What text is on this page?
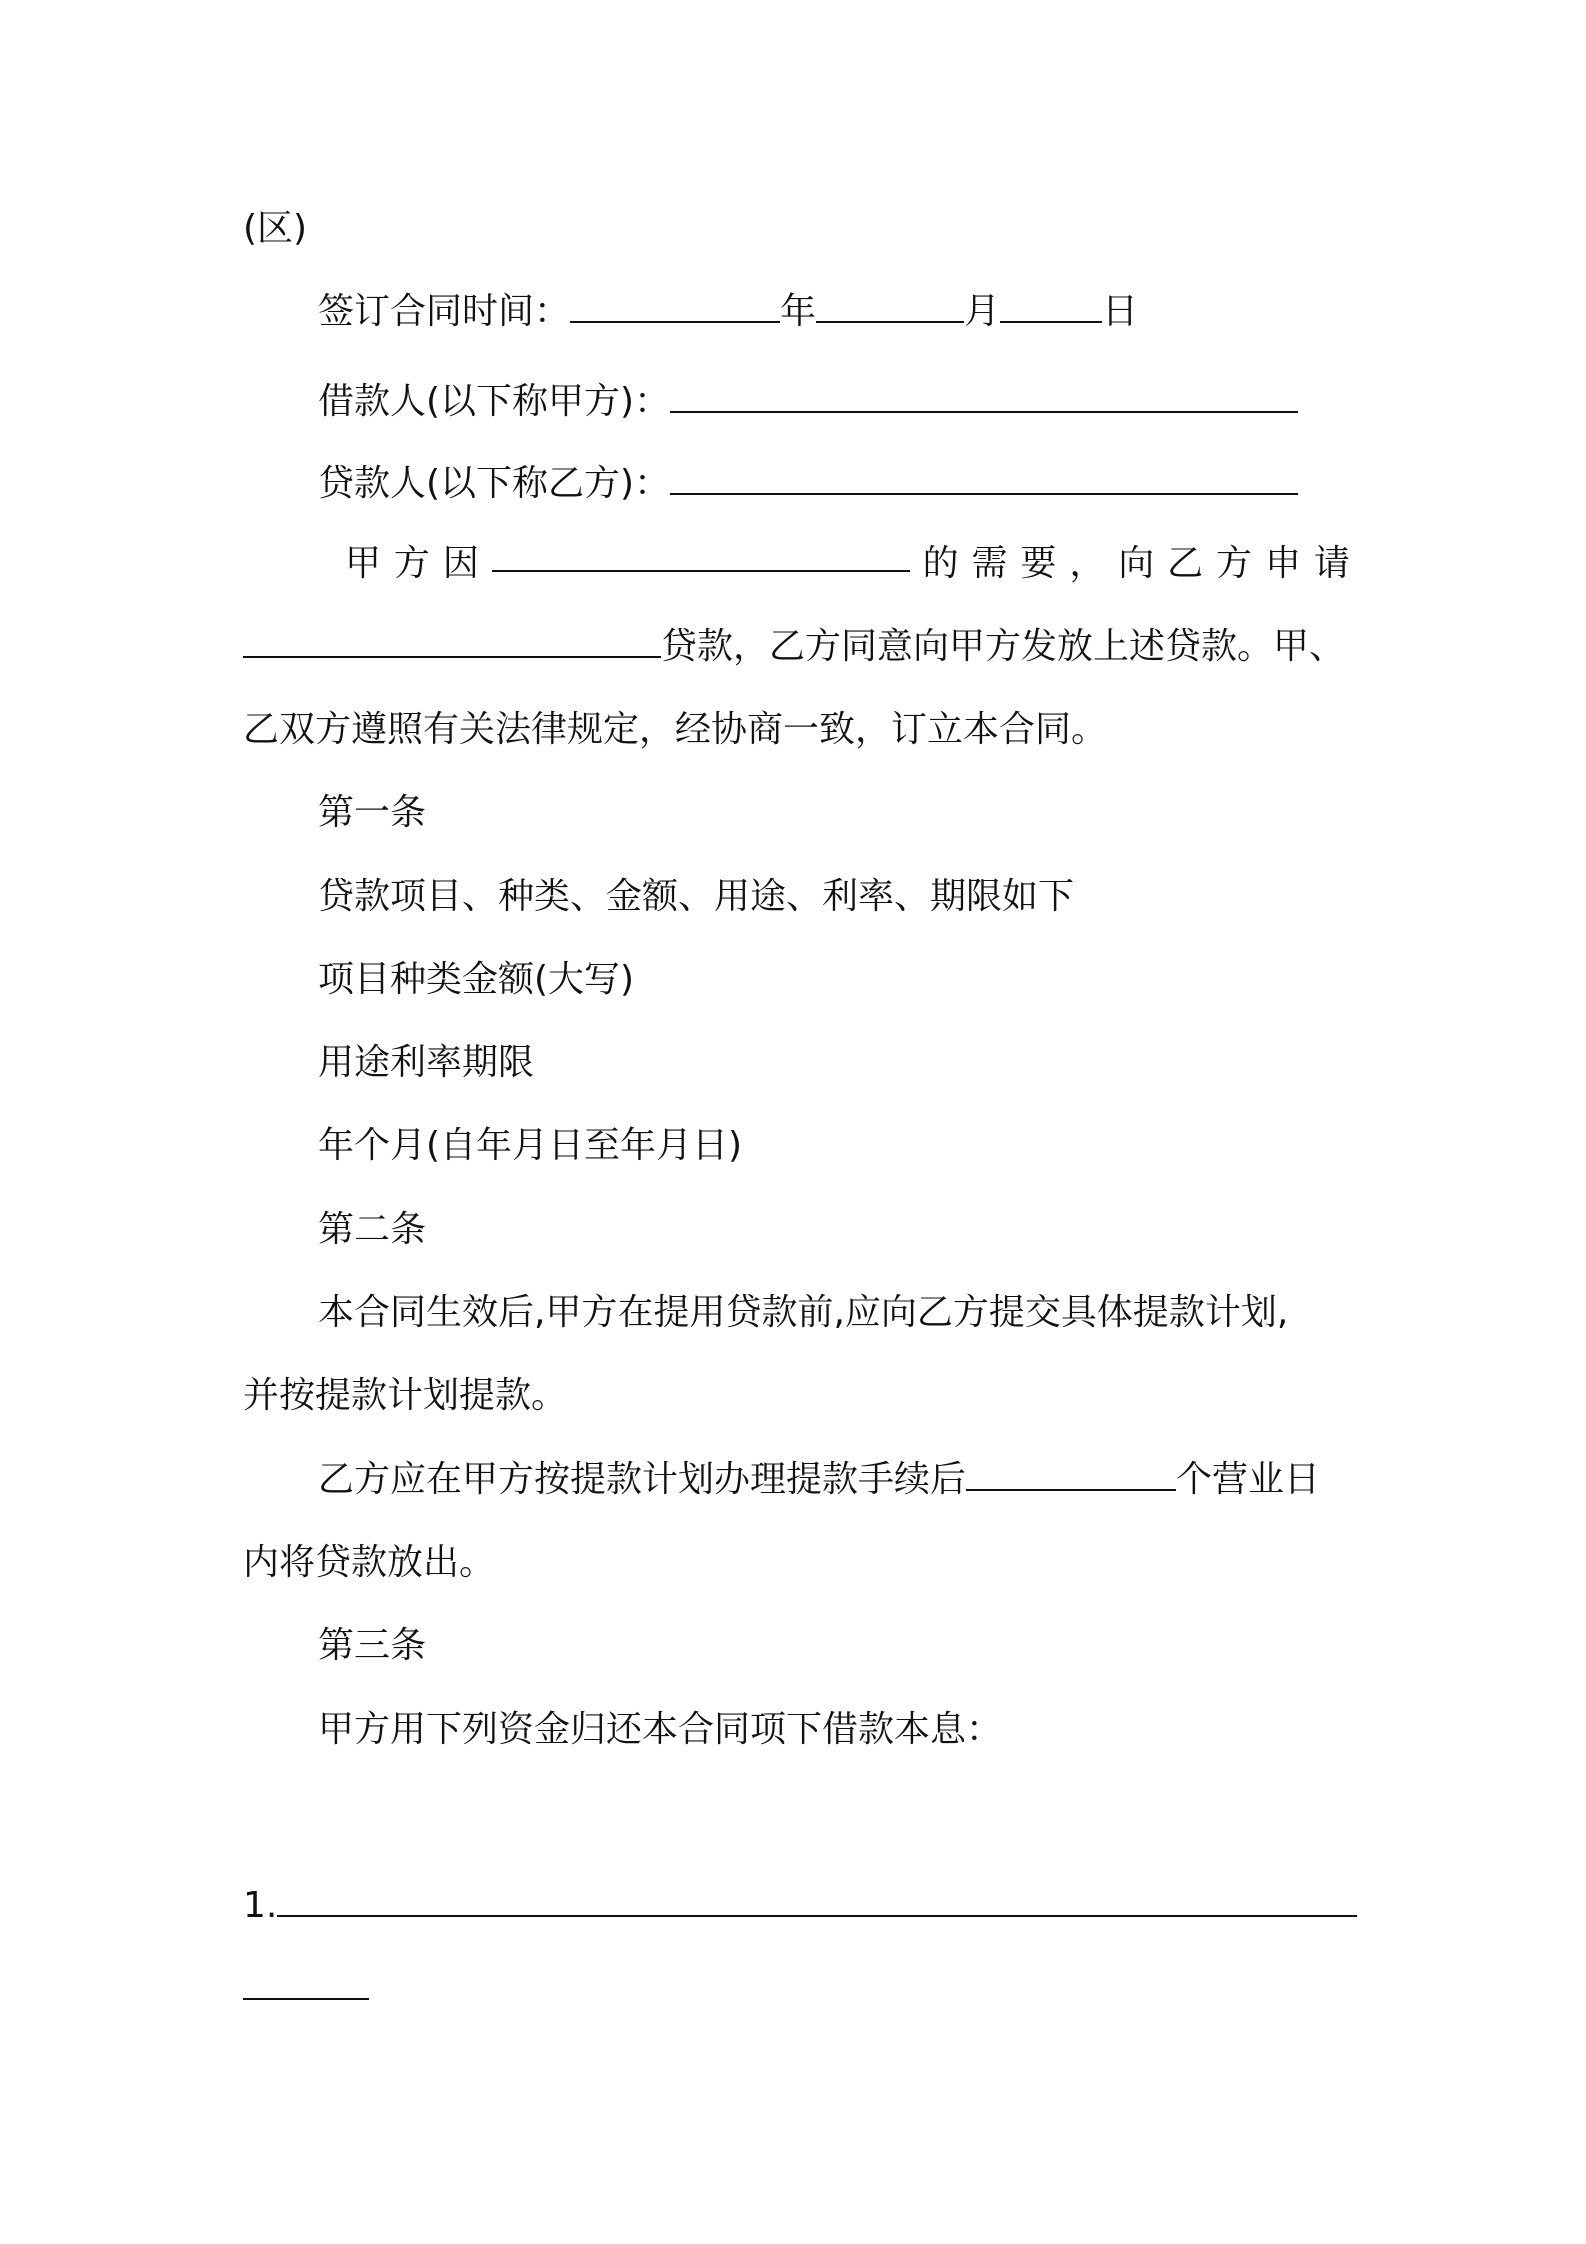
(区)
签订合同时间：	年	月	日
借款人(以下称甲方)：
贷款人(以下称乙方)：
甲 方 因	的 需 要 ， 向 乙 方 申 请
贷款，乙方同意向甲方发放上述贷款。甲、
乙双方遵照有关法律规定，经协商一致，订立本合同。
第一条
贷款项目、种类、金额、用途、利率、期限如下
项目种类金额(大写)
用途利率期限
年个月(自年月日至年月日)
第二条
本合同生效后,甲方在提用贷款前,应向乙方提交具体提款计划,
并按提款计划提款。
乙方应在甲方按提款计划办理提款手续后	个营业日
内将贷款放出。
第三条
甲方用下列资金归还本合同项下借款本息：
1.
